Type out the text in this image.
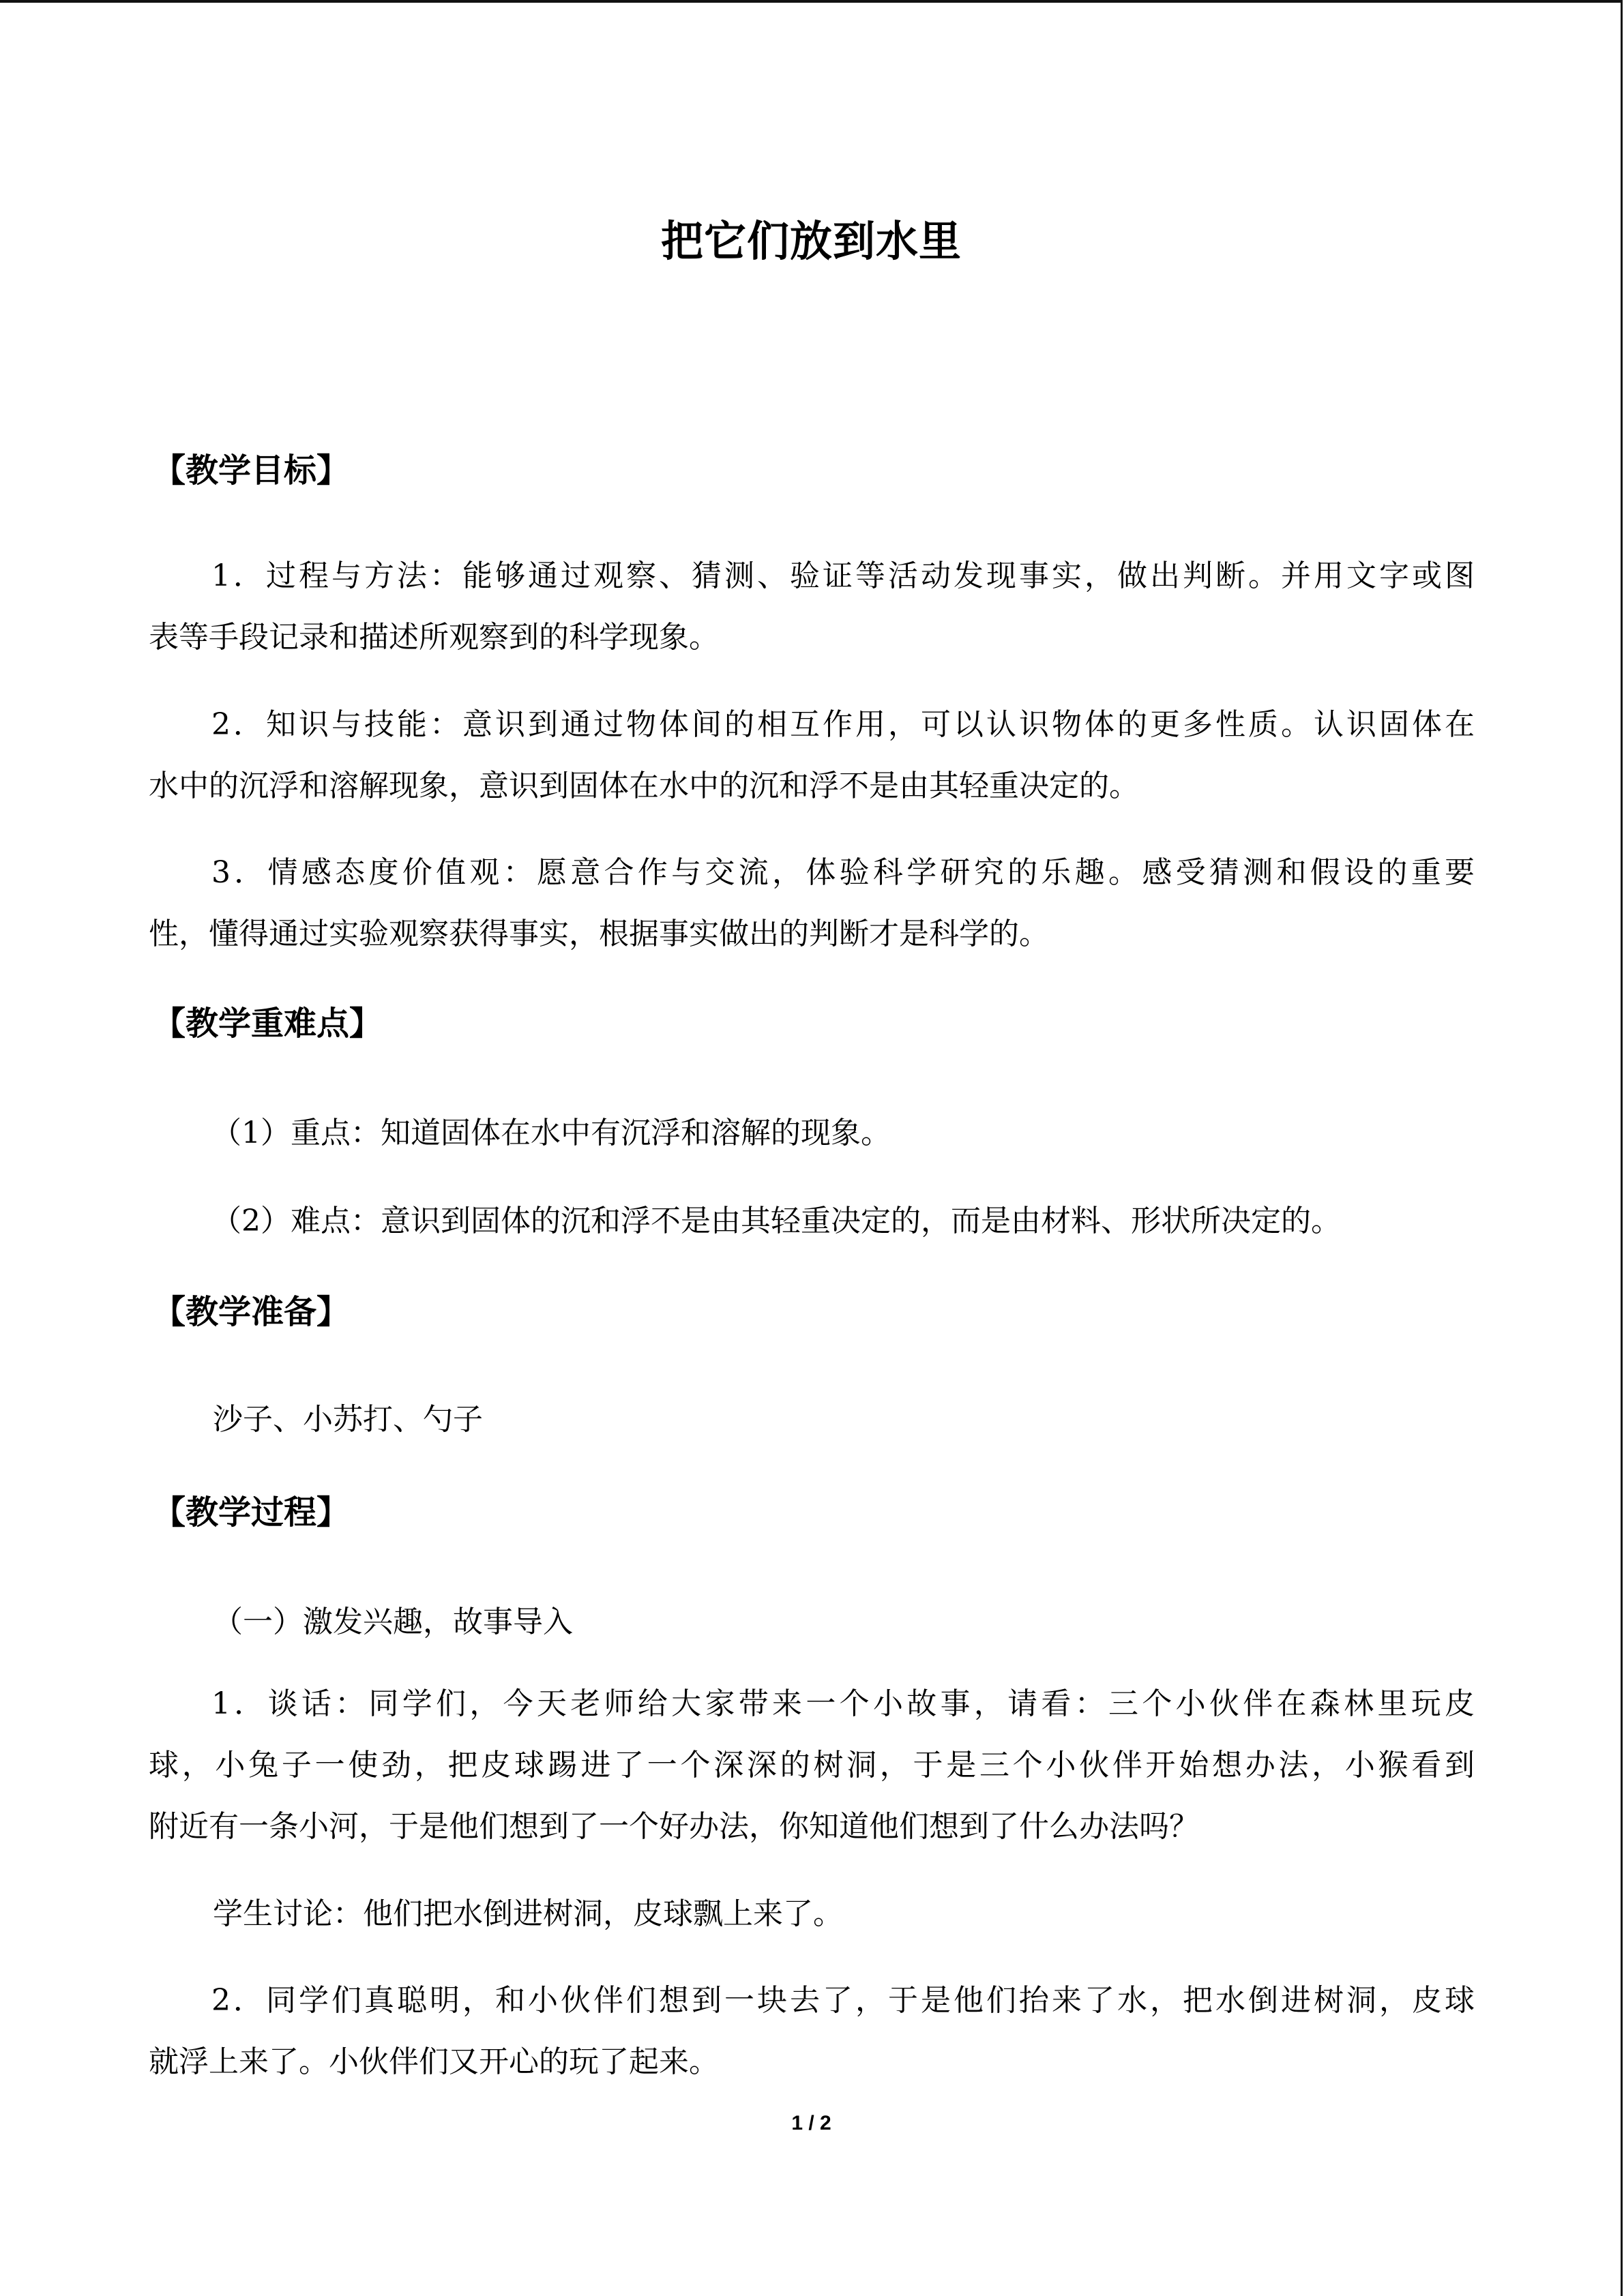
把它们放到水里
【教学目标】
1．过程与方法：能够通过观察、猜测、验证等活动发现事实，做出判断。并用文字或图
表等手段记录和描述所观察到的科学现象。
2．知识与技能：意识到通过物体间的相互作用，可以认识物体的更多性质。认识固体在
水中的沉浮和溶解现象，意识到固体在水中的沉和浮不是由其轻重决定的。
3．情感态度价值观：愿意合作与交流，体验科学研究的乐趣。感受猜测和假设的重要
性，懂得通过实验观察获得事实，根据事实做出的判断才是科学的。
【教学重难点】
（1）重点：知道固体在水中有沉浮和溶解的现象。
（2）难点：意识到固体的沉和浮不是由其轻重决定的，而是由材料、形状所决定的。
【教学准备】
沙子、小苏打、勺子
【教学过程】
（一）激发兴趣，故事导入
1．谈话：同学们，今天老师给大家带来一个小故事，请看：三个小伙伴在森林里玩皮
球，小兔子一使劲，把皮球踢进了一个深深的树洞，于是三个小伙伴开始想办法，小猴看到
附近有一条小河，于是他们想到了一个好办法，你知道他们想到了什么办法吗？
学生讨论：他们把水倒进树洞，皮球飘上来了。
2．同学们真聪明，和小伙伴们想到一块去了，于是他们抬来了水，把水倒进树洞，皮球
就浮上来了。小伙伴们又开心的玩了起来。
1 / 2
